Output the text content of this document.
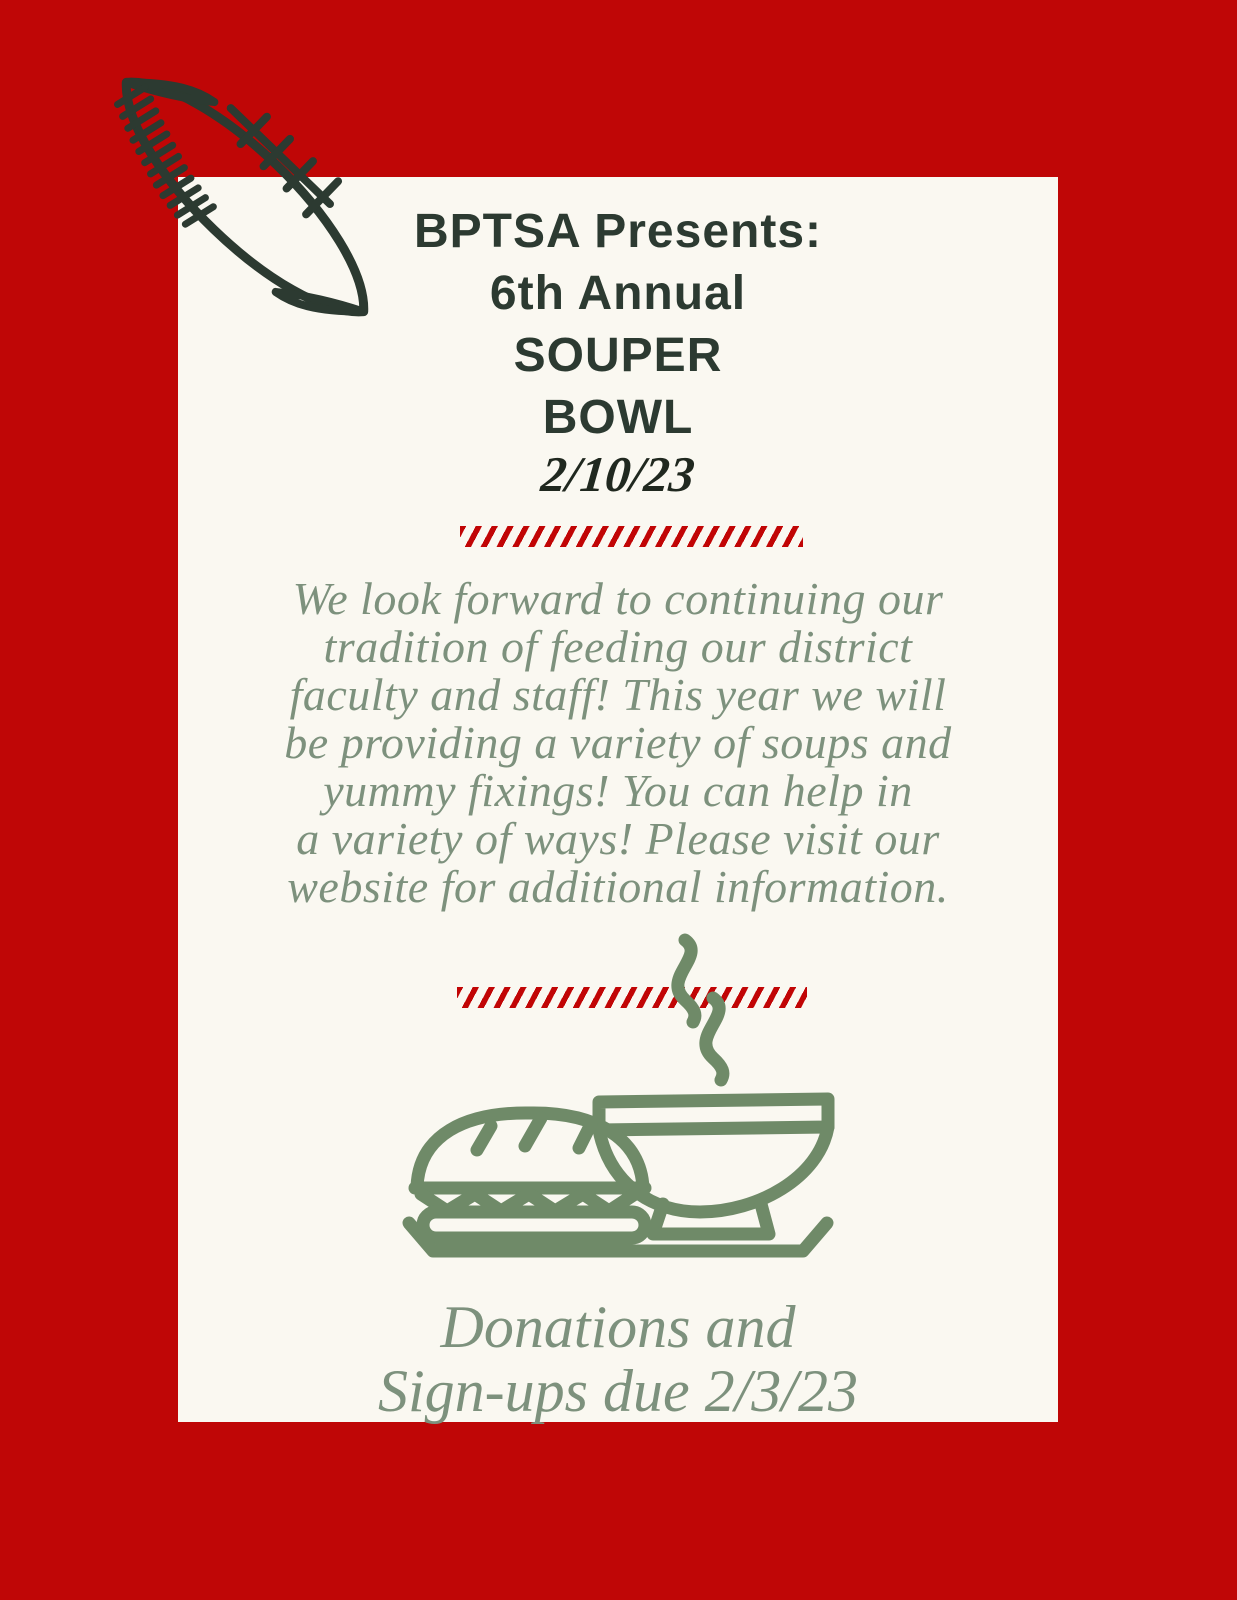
BPTSA Presents:
6th Annual
SOUPER
BOWL
2/10/23
We look forward to continuing our
tradition of feeding our district
faculty and staff! This year we will
be providing a variety of soups and
yummy fixings! You can help in
a variety of ways! Please visit our
website for additional information.
Donations and
Sign-ups due 2/3/23
